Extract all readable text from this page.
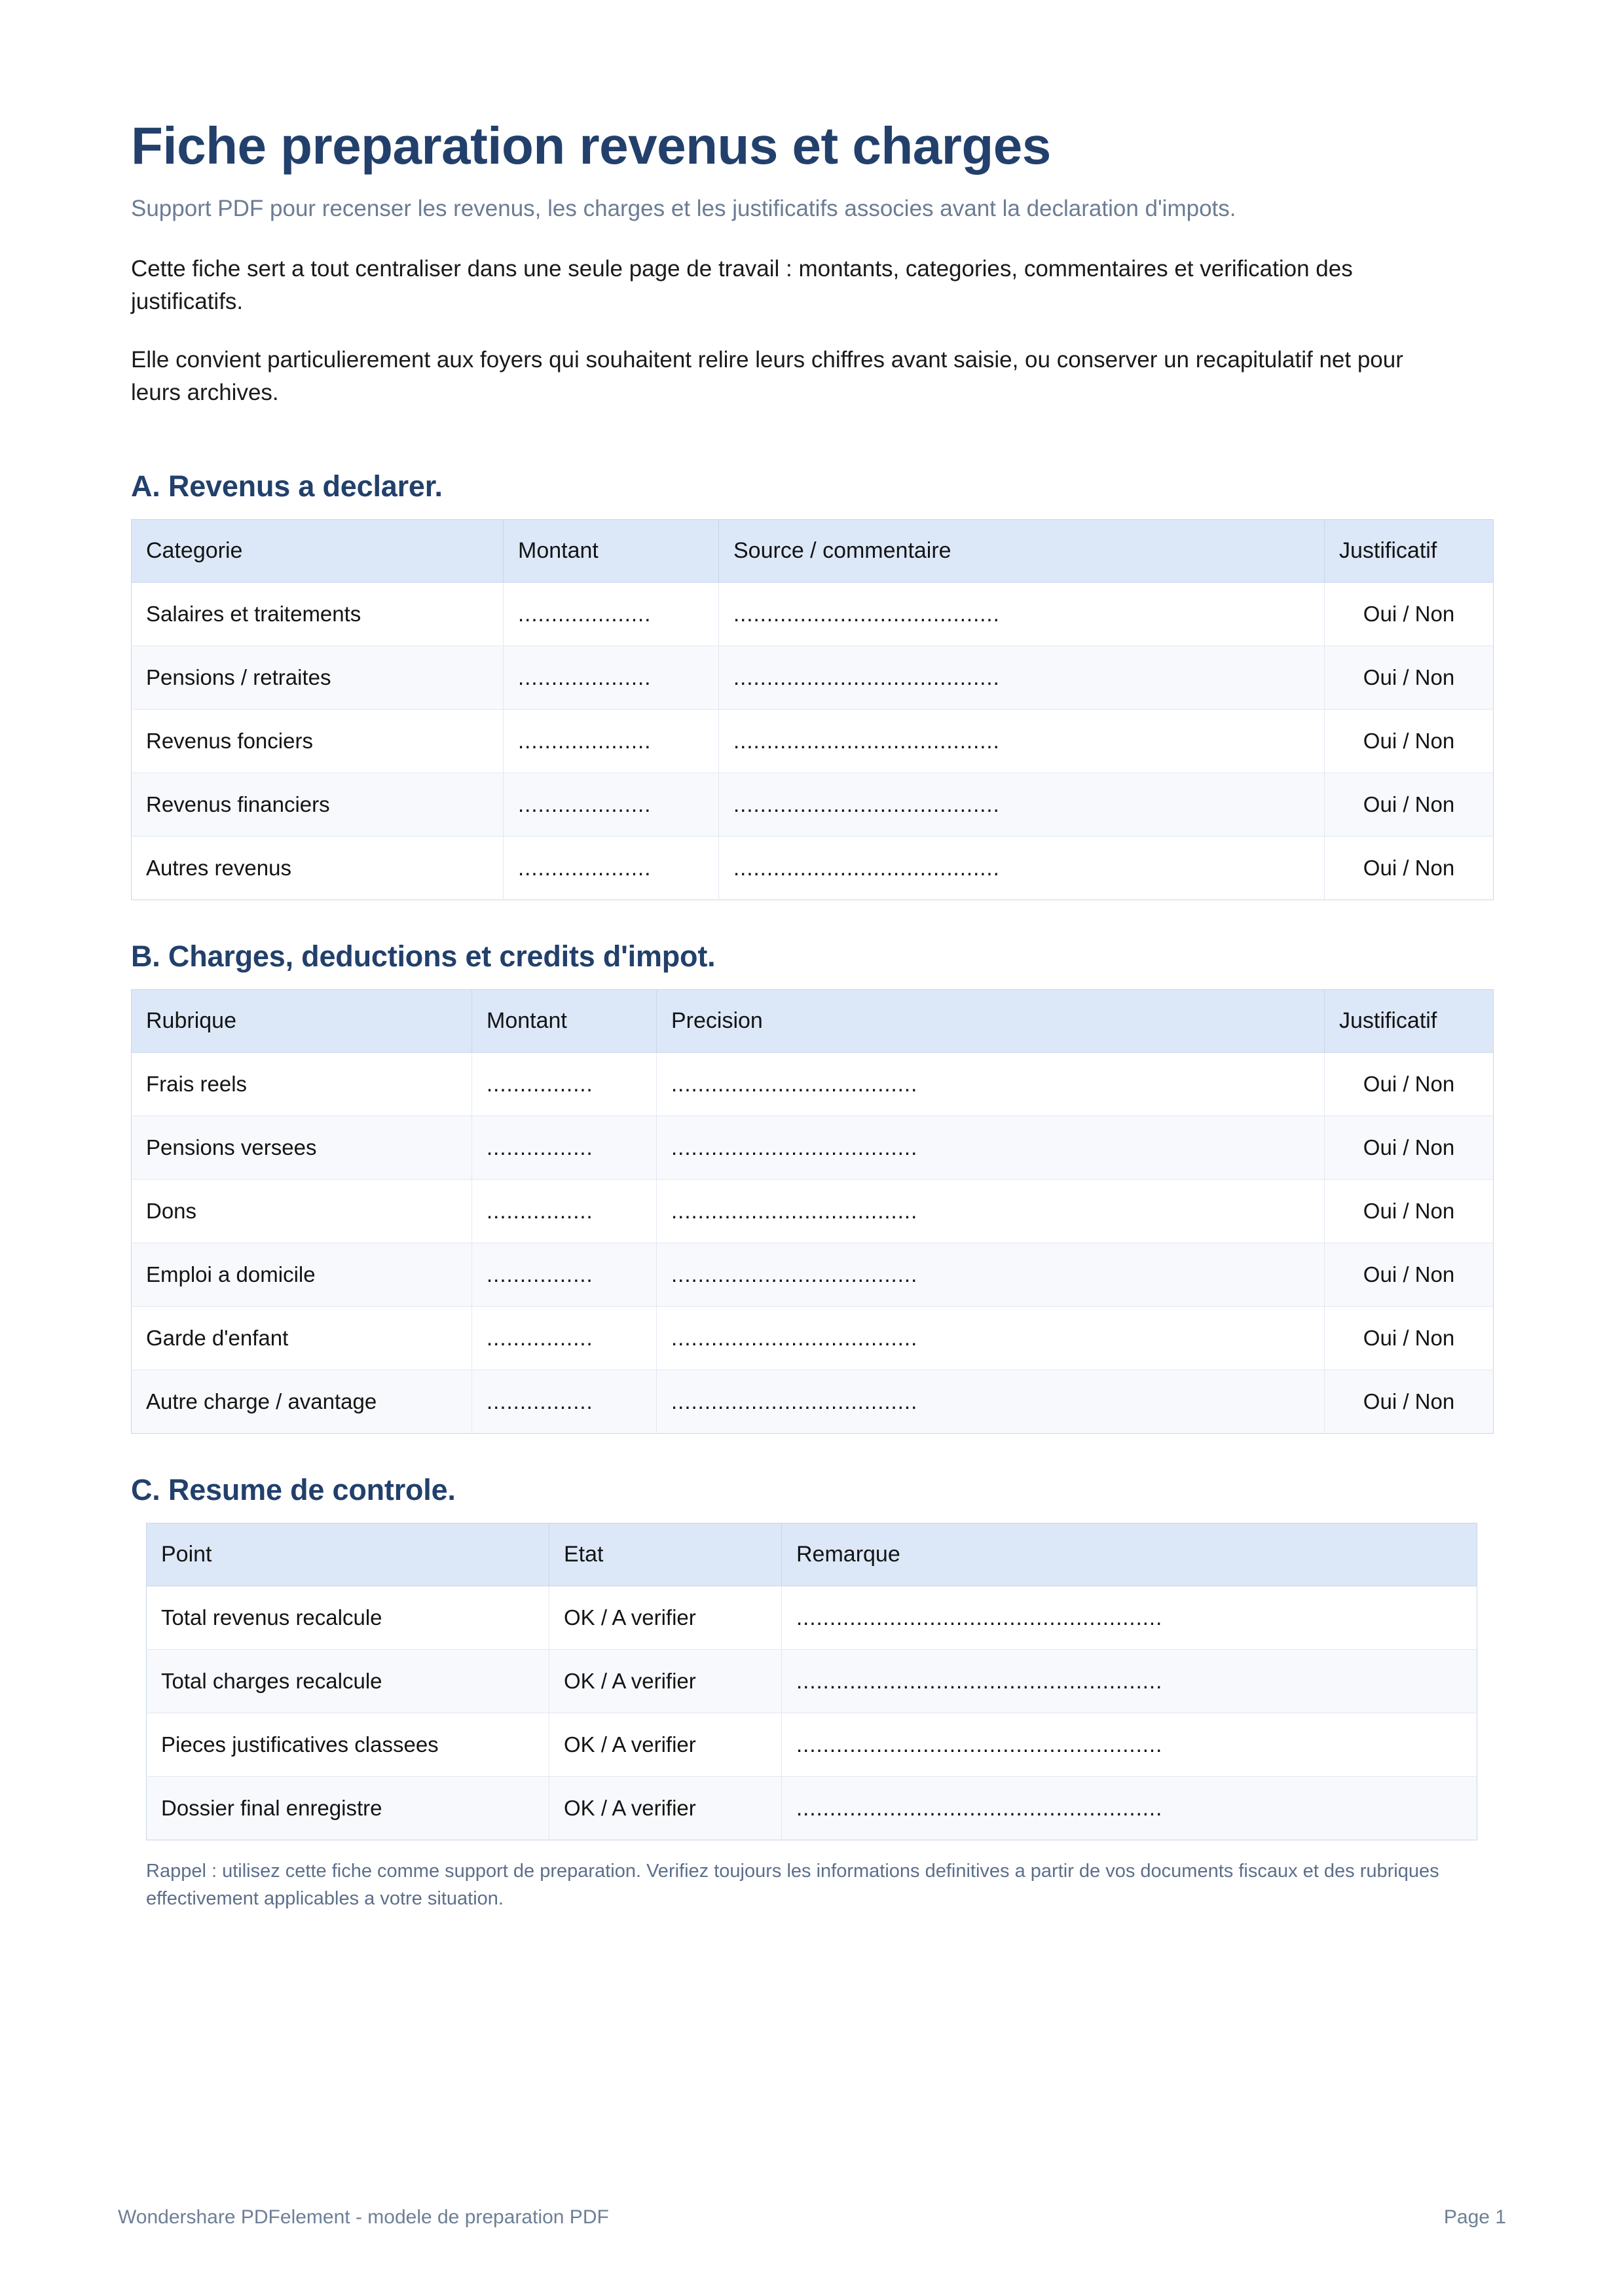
Fiche preparation revenus et charges

Support PDF pour recenser les revenus, les charges et les justificatifs associes avant la declaration d'impots.

Cette fiche sert a tout centraliser dans une seule page de travail : montants, categories, commentaires et verification des justificatifs.

Elle convient particulierement aux foyers qui souhaitent relire leurs chiffres avant saisie, ou conserver un recapitulatif net pour leurs archives.

A. Revenus a declarer.
Categorie	Montant	Source / commentaire	Justificatif
Salaires et traitements	....................	........................................	Oui / Non
Pensions / retraites	....................	........................................	Oui / Non
Revenus fonciers	....................	........................................	Oui / Non
Revenus financiers	....................	........................................	Oui / Non
Autres revenus	....................	........................................	Oui / Non
B. Charges, deductions et credits d'impot.
Rubrique	Montant	Precision	Justificatif
Frais reels	................	.....................................	Oui / Non
Pensions versees	................	.....................................	Oui / Non
Dons	................	.....................................	Oui / Non
Emploi a domicile	................	.....................................	Oui / Non
Garde d'enfant	................	.....................................	Oui / Non
Autre charge / avantage	................	.....................................	Oui / Non
C. Resume de controle.
Point	Etat	Remarque
Total revenus recalcule	OK / A verifier	.......................................................
Total charges recalcule	OK / A verifier	.......................................................
Pieces justificatives classees	OK / A verifier	.......................................................
Dossier final enregistre	OK / A verifier	.......................................................

Rappel : utilisez cette fiche comme support de preparation. Verifiez toujours les informations definitives a partir de vos documents fiscaux et des rubriques effectivement applicables a votre situation.

Wondershare PDFelement - modele de preparation PDF	Page 1
